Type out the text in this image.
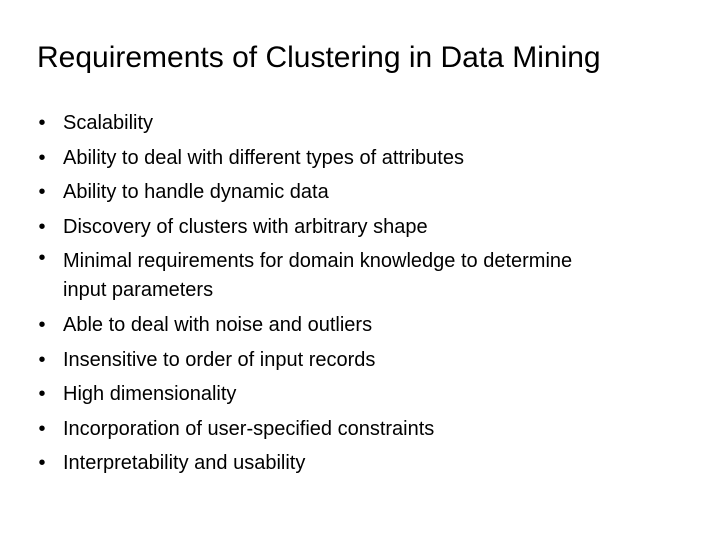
Requirements of Clustering in Data Mining
• Scalability
• Ability to deal with different types of attributes
• Ability to handle dynamic data
• Discovery of clusters with arbitrary shape
• Minimal requirements for domain knowledge to determine input parameters
• Able to deal with noise and outliers
• Insensitive to order of input records
• High dimensionality
• Incorporation of user-specified constraints
• Interpretability and usability
